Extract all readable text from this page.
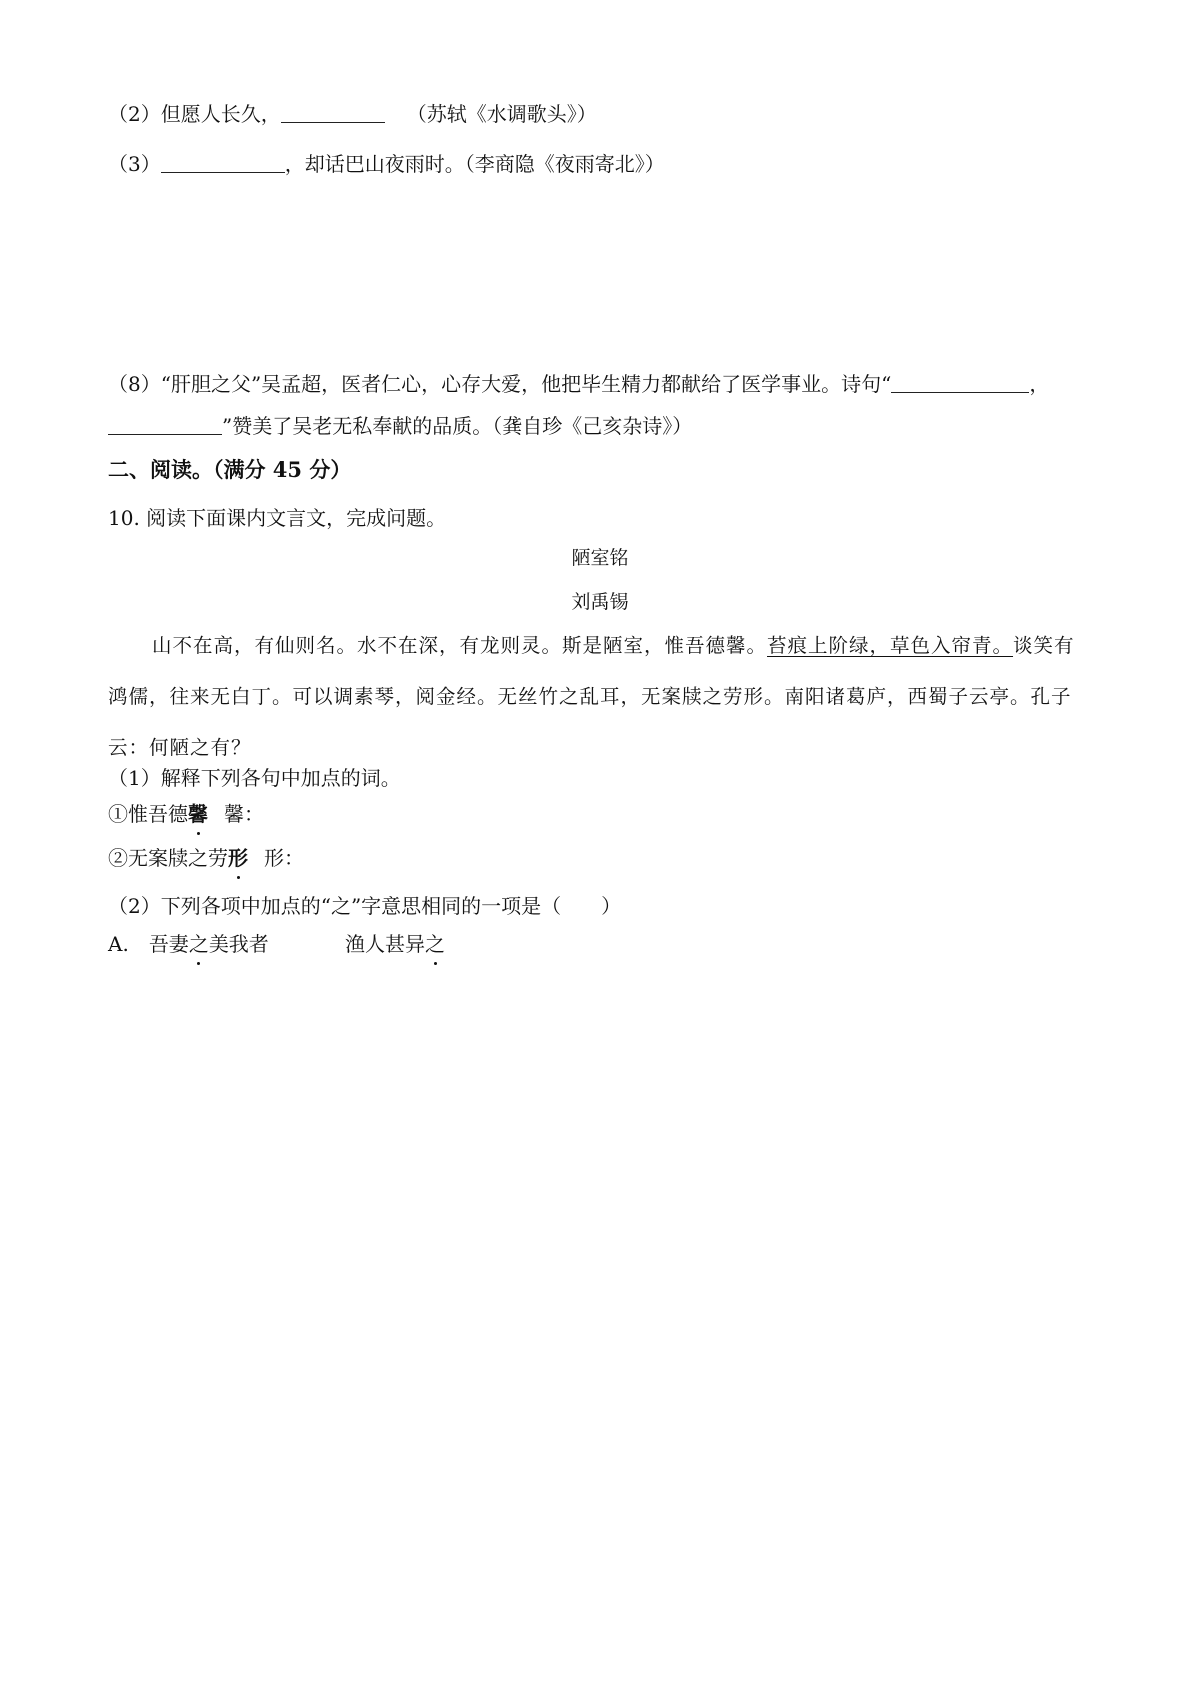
（2）但愿人长久，	（苏轼《水调歌头》）
（3）	，却话巴山夜雨时。（李商隐《夜雨寄北》）
（8）“肝胆之父”吴孟超，医者仁心，心存大爱，他把毕生精力都献给了医学事业。诗句“	，
”赞美了吴老无私奉献的品质。（龚自珍《己亥杂诗》）
二、阅读。（满分 45 分）
10. 阅读下面课内文言文，完成问题。
陋室铭
刘禹锡
山不在高，有仙则名。水不在深，有龙则灵。斯是陋室，惟吾德馨。苔痕上阶绿，草色入帘青。谈笑有鸿儒，往来无白丁。可以调素琴，阅金经。无丝竹之乱耳，无案牍之劳形。南阳诸葛庐，西蜀子云亭。孔子云：何陋之有？
（1）解释下列各句中加点的词。
①惟吾德馨 馨：
②无案牍之劳形 形：
（2）下列各项中加点的“之”字意思相同的一项是（　　）
A.　 吾妻之美我者	渔人甚异之
